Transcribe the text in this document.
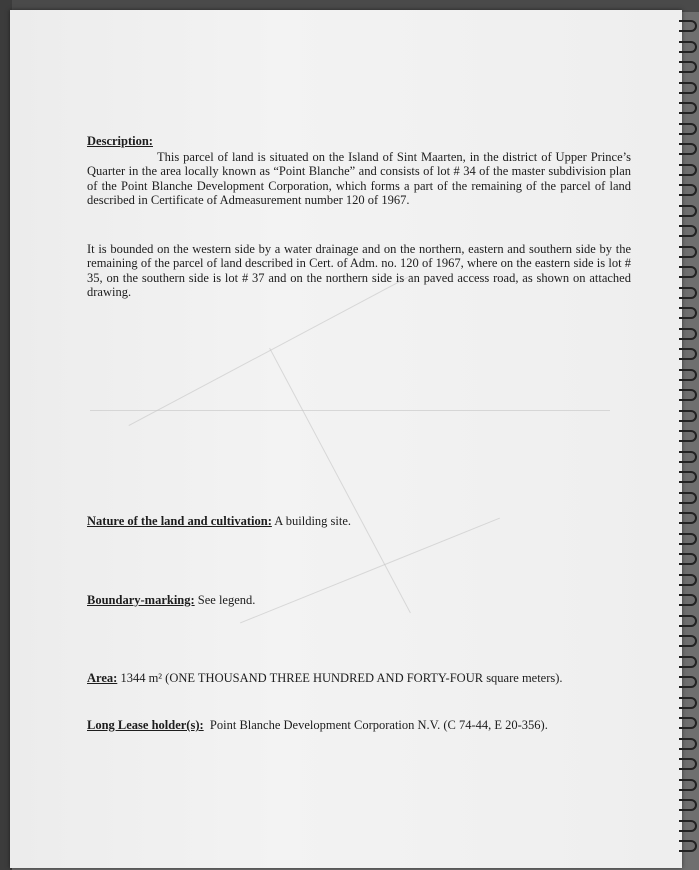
Description:
This parcel of land is situated on the Island of Sint Maarten, in the district of Upper Prince’s Quarter in the area locally known as “Point Blanche” and consists of lot # 34 of the master subdivision plan of the Point Blanche Development Corporation, which forms a part of the remaining of the parcel of land described in Certificate of Admeasurement number 120 of 1967.
It is bounded on the western side by a water drainage and on the northern, eastern and southern side by the remaining of the parcel of land described in Cert. of Adm. no. 120 of 1967, where on the eastern side is lot # 35, on the southern side is lot # 37 and on the northern side is an paved access road, as shown on attached drawing.
Nature of the land and cultivation: A building site.
Boundary-marking: See legend.
Area: 1344 m² (ONE THOUSAND THREE HUNDRED AND FORTY-FOUR square meters).
Long Lease holder(s): Point Blanche Development Corporation N.V. (C 74-44, E 20-356).
